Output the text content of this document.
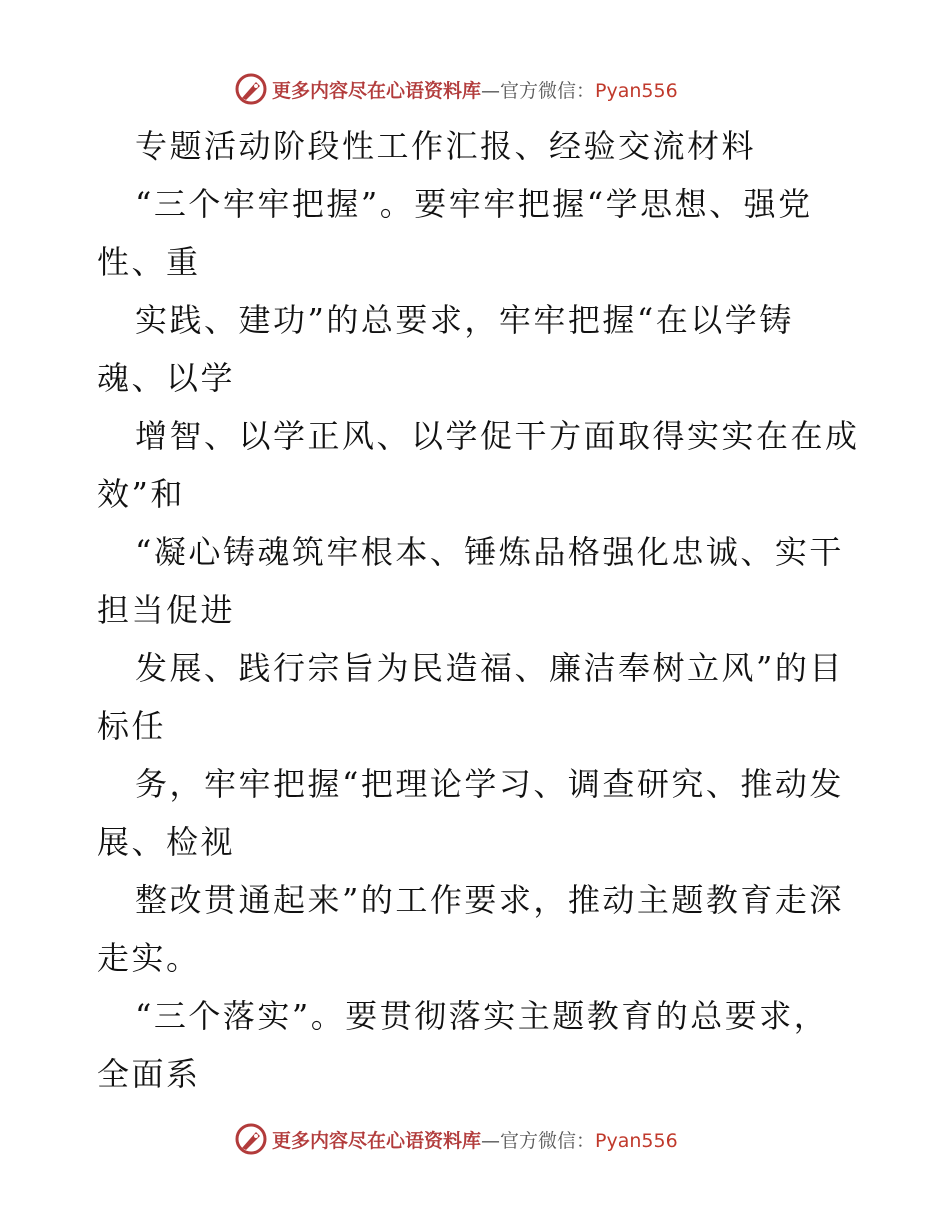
更多内容尽在心语资料库—官方微信：Pyan556
专题活动阶段性工作汇报、经验交流材料
“三个牢牢把握”。要牢牢把握“学思想、强党
性、重
实践、建功”的总要求，牢牢把握“在以学铸
魂、以学
增智、以学正风、以学促干方面取得实实在在成
效”和
“凝心铸魂筑牢根本、锤炼品格强化忠诚、实干
担当促进
发展、践行宗旨为民造福、廉洁奉树立风”的目
标任
务，牢牢把握“把理论学习、调查研究、推动发
展、检视
整改贯通起来”的工作要求，推动主题教育走深
走实。
“三个落实”。要贯彻落实主题教育的总要求，
全面系
更多内容尽在心语资料库—官方微信：Pyan556
